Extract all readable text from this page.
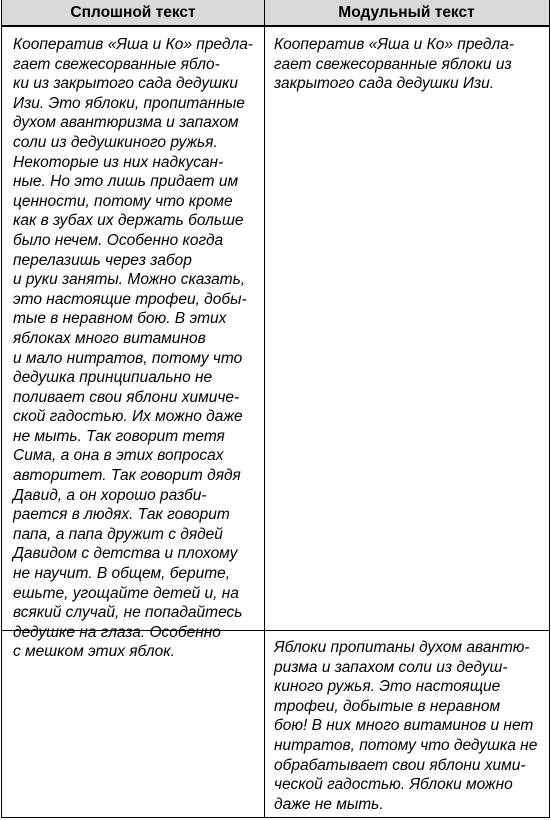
Сплошной текст	Модульный текст
Кооператив «Яша и Ко» предла-
гает свежесорванные ябло-
ки из закрытого сада дедушки
Изи. Это яблоки, пропитанные
духом авантюризма и запахом
соли из дедушкиного ружья.
Некоторые из них надкусан-
ные. Но это лишь придает им
ценности, потому что кроме
как в зубах их держать больше
было нечем. Особенно когда
перелазишь через забор
и руки заняты. Можно сказать,
это настоящие трофеи, добы-
тые в неравном бою. В этих
яблоках много витаминов
и мало нитратов, потому что
дедушка принципиально не
поливает свои яблони химиче-
ской гадостью. Их можно даже
не мыть. Так говорит тетя
Сима, а она в этих вопросах
авторитет. Так говорит дядя
Давид, а он хорошо разби-
рается в людях. Так говорит
папа, а папа дружит с дядей
Давидом с детства и плохому
не научит. В общем, берите,
ешьте, угощайте детей и, на
всякий случай, не попадайтесь
дедушке на глаза. Особенно
с мешком этих яблок.
Кооператив «Яша и Ко» предла-
гает свежесорванные яблоки из
закрытого сада дедушки Изи.
Яблоки пропитаны духом авантю-
ризма и запахом соли из дедуш-
киного ружья. Это настоящие
трофеи, добытые в неравном
бою! В них много витаминов и нет
нитратов, потому что дедушка не
обрабатывает свои яблони хими-
ческой гадостью. Яблоки можно
даже не мыть.
